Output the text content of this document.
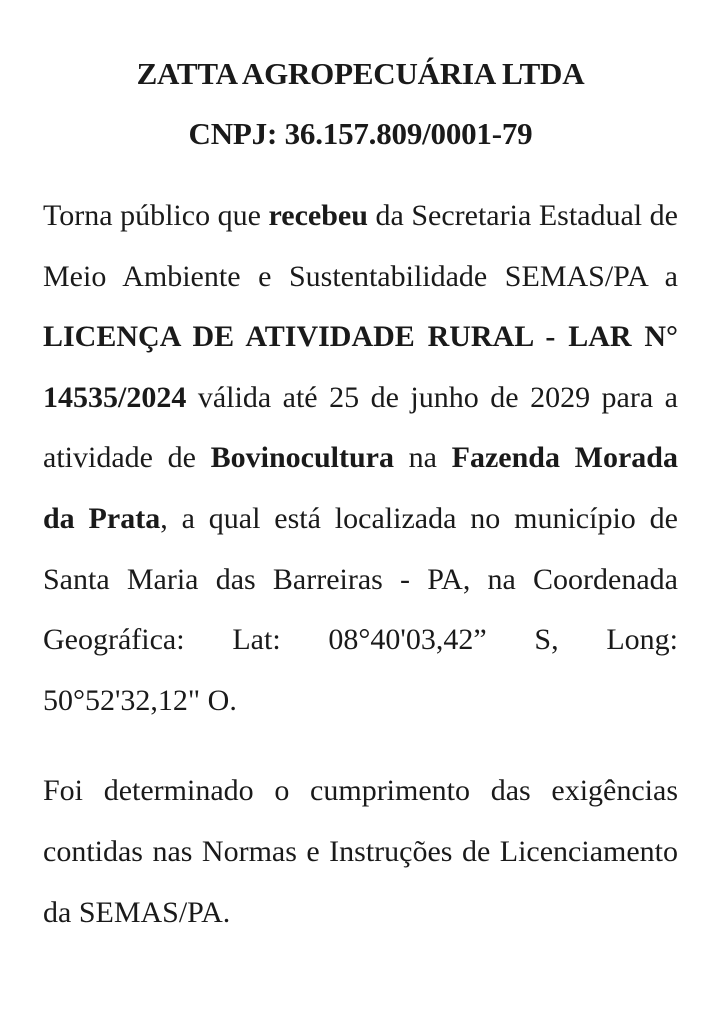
ZATTA AGROPECUÁRIA LTDA
CNPJ: 36.157.809/0001-79

Torna público que recebeu da Secretaria Estadual de Meio Ambiente e Sustentabilidade SEMAS/PA a LICENÇA DE ATIVIDADE RURAL - LAR N° 14535/2024 válida até 25 de junho de 2029 para a atividade de Bovinocultura na Fazenda Morada da Prata, a qual está localizada no município de Santa Maria das Barreiras - PA, na Coordenada Geográfica: Lat: 08°40'03,42” S, Long: 50°52'32,12" O.

Foi determinado o cumprimento das exigências contidas nas Normas e Instruções de Licenciamento da SEMAS/PA.
